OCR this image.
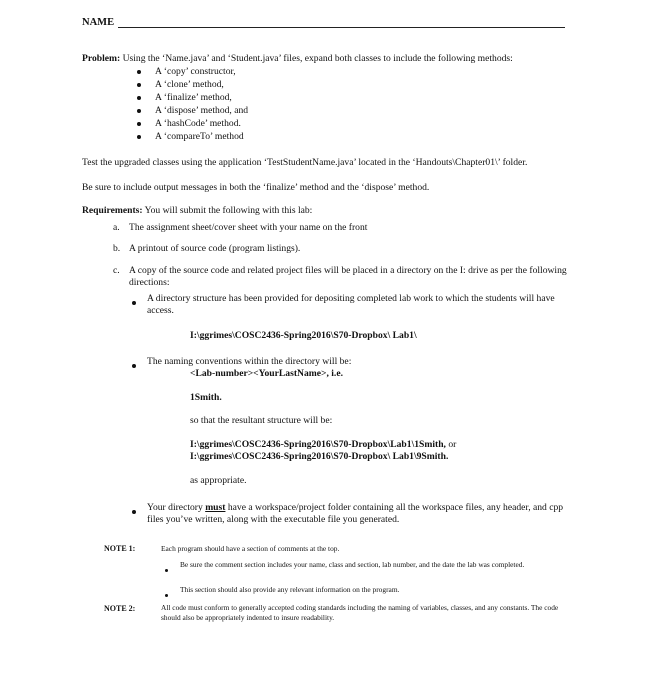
NAME
Problem: Using the ‘Name.java’ and ‘Student.java’ files, expand both classes to include the following methods:
A ‘copy’ constructor,
A ‘clone’ method,
A ‘finalize’ method,
A ‘dispose’ method, and
A ‘hashCode’ method.
A ‘compareTo’ method
Test the upgraded classes using the application ‘TestStudentName.java’ located in the ‘Handouts\Chapter01\’ folder.
Be sure to include output messages in both the ‘finalize’ method and the ‘dispose’ method.
Requirements: You will submit the following with this lab:
a. The assignment sheet/cover sheet with your name on the front
b. A printout of source code (program listings).
c. A copy of the source code and related project files will be placed in a directory on the I: drive as per the following directions:
A directory structure has been provided for depositing completed lab work to which the students will have access.
I:\ggrimes\COSC2436-Spring2016\S70-Dropbox\ Lab1\
The naming conventions within the directory will be:
<Lab-number><YourLastName>, i.e.
1Smith.
so that the resultant structure will be:
I:\ggrimes\COSC2436-Spring2016\S70-Dropbox\Lab1\1Smith, or
I:\ggrimes\COSC2436-Spring2016\S70-Dropbox\ Lab1\9Smith.
as appropriate.
Your directory must have a workspace/project folder containing all the workspace files, any header, and cpp files you’ve written, along with the executable file you generated.
NOTE 1:	Each program should have a section of comments at the top.
Be sure the comment section includes your name, class and section, lab number, and the date the lab was completed.
This section should also provide any relevant information on the program.
NOTE 2:	All code must conform to generally accepted coding standards including the naming of variables, classes, and any constants. The code should also be appropriately indented to insure readability.
